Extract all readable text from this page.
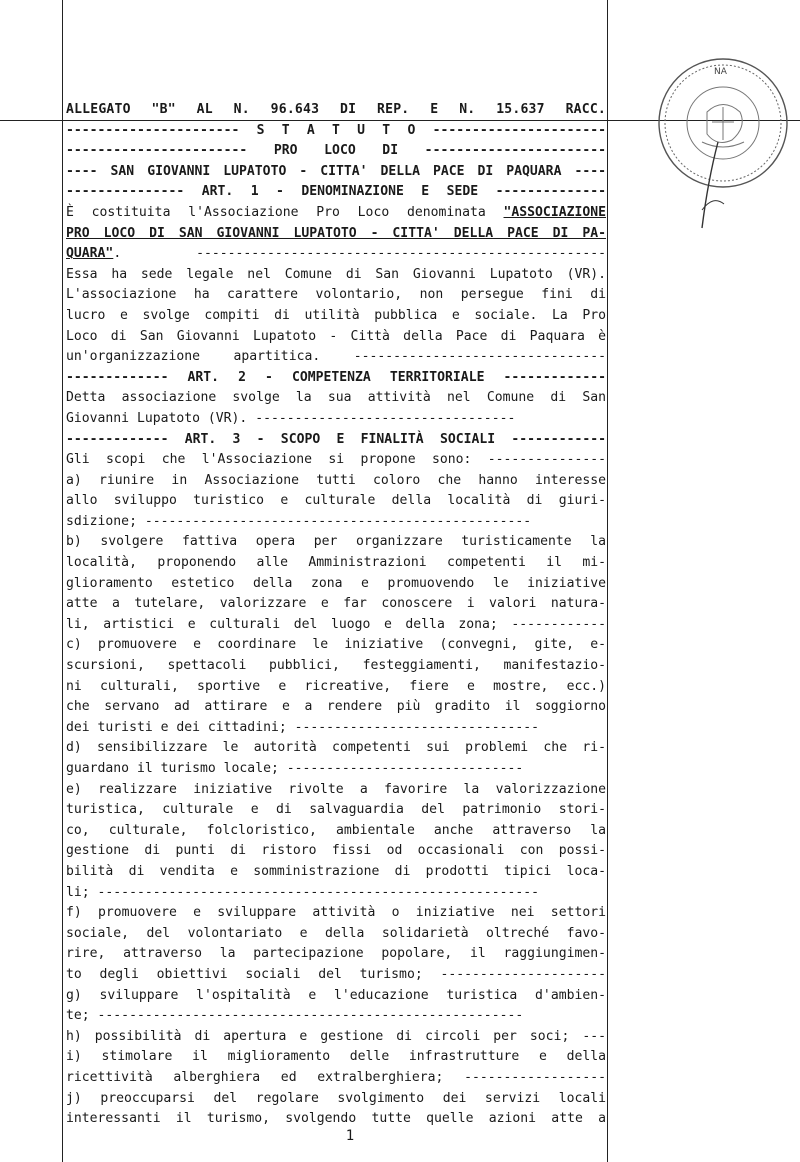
NA
ALLEGATO "B" AL N. 96.643 DI REP. E N. 15.637 RACC.
---------------------- S T A T U T O ----------------------
----------------------- PRO LOCO DI -----------------------
---- SAN GIOVANNI LUPATOTO - CITTA' DELLA PACE DI PAQUARA ----
--------------- ART. 1 - DENOMINAZIONE E SEDE --------------
È costituita l'Associazione Pro Loco denominata "ASSOCIAZIONE
PRO LOCO DI SAN GIOVANNI LUPATOTO - CITTA' DELLA PACE DI PA-
QUARA". ----------------------------------------------------
Essa ha sede legale nel Comune di San Giovanni Lupatoto (VR).
L'associazione ha carattere volontario, non persegue fini di
lucro e svolge compiti di utilità pubblica e sociale. La Pro
Loco di San Giovanni Lupatoto - Città della Pace di Paquara è
un'organizzazione apartitica. --------------------------------
------------- ART. 2 - COMPETENZA TERRITORIALE -------------
Detta associazione svolge la sua attività nel Comune di San
Giovanni Lupatoto (VR). ---------------------------------
------------- ART. 3 - SCOPO E FINALITÀ SOCIALI ------------
Gli scopi che l'Associazione si propone sono: ---------------
a) riunire in Associazione tutti coloro che hanno interesse
allo sviluppo turistico e culturale della località di giuri-
sdizione; -------------------------------------------------
b) svolgere fattiva opera per organizzare turisticamente la
località, proponendo alle Amministrazioni competenti il mi-
glioramento estetico della zona e promuovendo le iniziative
atte a tutelare, valorizzare e far conoscere i valori natura-
li, artistici e culturali del luogo e della zona; ------------
c) promuovere e coordinare le iniziative (convegni, gite, e-
scursioni, spettacoli pubblici, festeggiamenti, manifestazio-
ni culturali, sportive e ricreative, fiere e mostre, ecc.)
che servano ad attirare e a rendere più gradito il soggiorno
dei turisti e dei cittadini; -------------------------------
d) sensibilizzare le autorità competenti sui problemi che ri-
guardano il turismo locale; ------------------------------
e) realizzare iniziative rivolte a favorire la valorizzazione
turistica, culturale e di salvaguardia del patrimonio stori-
co, culturale, folcloristico, ambientale anche attraverso la
gestione di punti di ristoro fissi od occasionali con possi-
bilità di vendita e somministrazione di prodotti tipici loca-
li; --------------------------------------------------------
f) promuovere e sviluppare attività o iniziative nei settori
sociale, del volontariato e della solidarietà oltreché favo-
rire, attraverso la partecipazione popolare, il raggiungimen-
to degli obiettivi sociali del turismo; ---------------------
g) sviluppare l'ospitalità e l'educazione turistica d'ambien-
te; ------------------------------------------------------
h) possibilità di apertura e gestione di circoli per soci; ---
i) stimolare il miglioramento delle infrastrutture e della
ricettività alberghiera ed extralberghiera; ------------------
j) preoccuparsi del regolare svolgimento dei servizi locali
interessanti il turismo, svolgendo tutte quelle azioni atte a
1
